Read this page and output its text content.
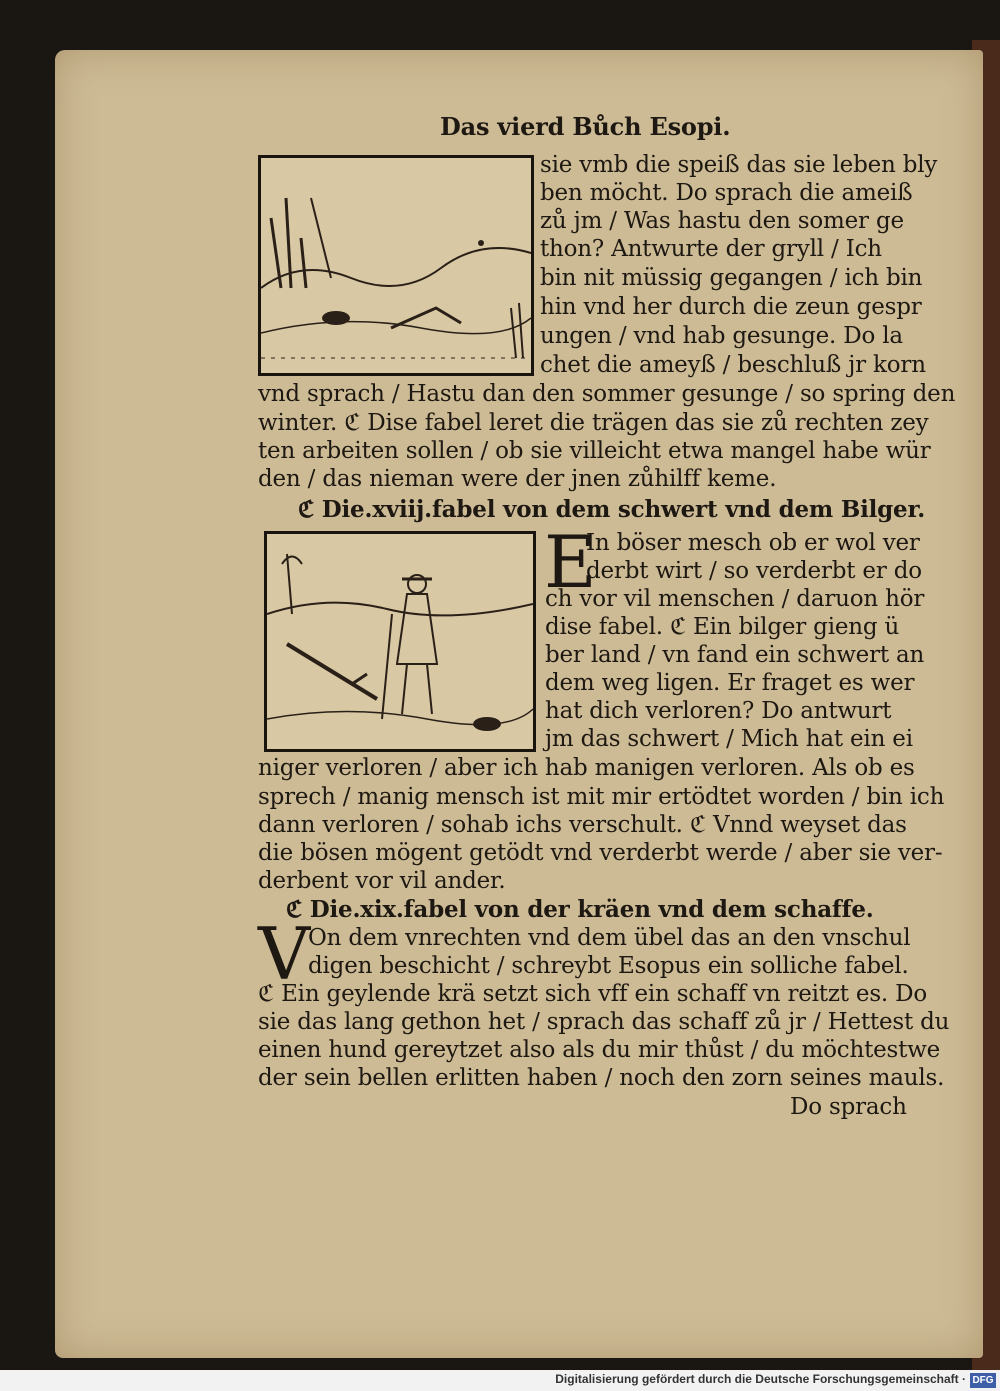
Das vierd Bůch Esopi.
sie vmb die speiß das sie leben bly
ben möcht. Do sprach die ameiß
zů jm / Was hastu den somer ge
thon? Antwurte der gryll / Ich
bin nit müssig gegangen / ich bin
hin vnd her durch die zeun gespr
ungen / vnd hab gesunge. Do la
chet die ameyß / beschluß jr korn
vnd sprach / Hastu dan den sommer gesunge / so spring den
winter. ℭ Dise fabel leret die trägen das sie zů rechten zey
ten arbeiten sollen / ob sie villeicht etwa mangel habe wür
den / das nieman were der jnen zůhilff keme.
ℭ Die.xviij.fabel von dem schwert vnd dem Bilger.
E
In böser mesch ob er wol ver
derbt wirt / so verderbt er do
ch vor vil menschen / daruon hör
dise fabel. ℭ Ein bilger gieng ü
ber land / vn fand ein schwert an
dem weg ligen. Er fraget es wer
hat dich verloren? Do antwurt
jm das schwert / Mich hat ein ei
niger verloren / aber ich hab manigen verloren. Als ob es
sprech / manig mensch ist mit mir ertödtet worden / bin ich
dann verloren / sohab ichs verschult. ℭ Vnnd weyset das
die bösen mögent getödt vnd verderbt werde / aber sie ver-
derbent vor vil ander.
ℭ Die.xix.fabel von der kräen vnd dem schaffe.
V
On dem vnrechten vnd dem übel das an den vnschul
digen beschicht / schreybt Esopus ein solliche fabel.
ℭ Ein geylende krä setzt sich vff ein schaff vn reitzt es. Do
sie das lang gethon het / sprach das schaff zů jr / Hettest du
einen hund gereytzet also als du mir thůst / du möchtestwe
der sein bellen erlitten haben / noch den zorn seines mauls.
Do sprach
Digitalisierung gefördert durch die Deutsche Forschungsgemeinschaft · DFG
